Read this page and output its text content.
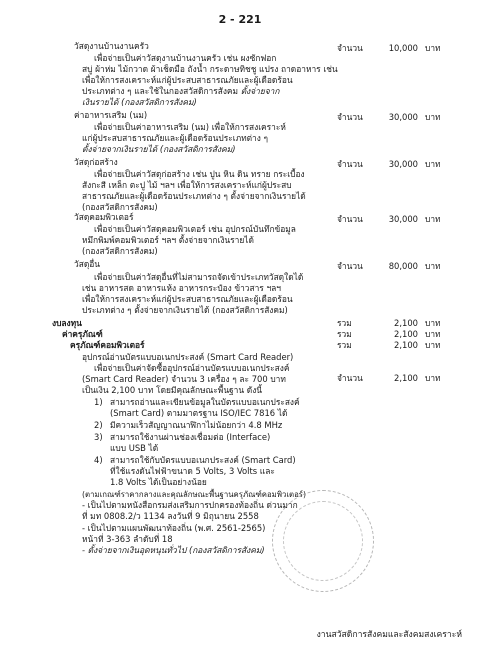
2 - 221
วัสดุงานบ้านงานครัว	จำนวน	10,000 บาท
เพื่อจ่ายเป็นค่าวัสดุงานบ้านงานครัว เช่น ผงซักฟอก
สบู่ ผ้าห่ม ไม้กวาด ผ้าเช็ดมือ ถังน้ำ กระดาษทิชชู แปรง ถาดอาหาร เช่น
เพื่อให้การสงเคราะห์แก่ผู้ประสบสาธารณภัยและผู้เดือดร้อน
ประเภทต่าง ๆ และใช้ในกองสวัสดิการสังคม ตั้งจ่ายจาก
เงินรายได้ (กองสวัสดิการสังคม)
ค่าอาหารเสริม (นม)	จำนวน	30,000 บาท
เพื่อจ่ายเป็นค่าอาหารเสริม (นม) เพื่อให้การสงเคราะห์
แก่ผู้ประสบสาธารณภัยและผู้เดือดร้อนประเภทต่าง ๆ
ตั้งจ่ายจากเงินรายได้ (กองสวัสดิการสังคม)
วัสดุก่อสร้าง	จำนวน	30,000 บาท
เพื่อจ่ายเป็นค่าวัสดุก่อสร้าง เช่น ปูน หิน ดิน ทราย กระเบื้อง
สังกะสี เหล็ก ตะปู ไม้ ฯลฯ เพื่อให้การสงเคราะห์แก่ผู้ประสบ
สาธารณภัยและผู้เดือดร้อนประเภทต่าง ๆ ตั้งจ่ายจากเงินรายได้
(กองสวัสดิการสังคม)
วัสดุคอมพิวเตอร์	จำนวน	30,000 บาท
เพื่อจ่ายเป็นค่าวัสดุคอมพิวเตอร์ เช่น อุปกรณ์บันทึกข้อมูล
หมึกพิมพ์คอมพิวเตอร์ ฯลฯ ตั้งจ่ายจากเงินรายได้
(กองสวัสดิการสังคม)
วัสดุอื่น	จำนวน	80,000 บาท
เพื่อจ่ายเป็นค่าวัสดุอื่นที่ไม่สามารถจัดเข้าประเภทวัสดุใดได้
เช่น อาหารสด อาหารแห้ง อาหารกระป๋อง ข้าวสาร ฯลฯ
เพื่อให้การสงเคราะห์แก่ผู้ประสบสาธารณภัยและผู้เดือดร้อน
ประเภทต่าง ๆ ตั้งจ่ายจากเงินรายได้ (กองสวัสดิการสังคม)
งบลงทุน	รวม	2,100 บาท
ค่าครุภัณฑ์	รวม	2,100 บาท
ครุภัณฑ์คอมพิวเตอร์	รวม	2,100 บาท
อุปกรณ์อ่านบัตรแบบอเนกประสงค์ (Smart Card Reader)
จำนวน	2,100 บาท
เพื่อจ่ายเป็นค่าจัดซื้ออุปกรณ์อ่านบัตรแบบอเนกประสงค์
(Smart Card Reader) จำนวน 3 เครื่อง ๆ ละ 700 บาท
เป็นเงิน 2,100 บาท โดยมีคุณลักษณะพื้นฐาน ดังนี้
1) สามารถอ่านและเขียนข้อมูลในบัตรแบบอเนกประสงค์
(Smart Card) ตามมาตรฐาน ISO/IEC 7816 ได้
2) มีความเร็วสัญญาณนาฬิกาไม่น้อยกว่า 4.8 MHz
3) สามารถใช้งานผ่านช่องเชื่อมต่อ (Interface)
แบบ USB ได้
4) สามารถใช้กับบัตรแบบอเนกประสงค์ (Smart Card)
ที่ใช้แรงดันไฟฟ้าขนาด 5 Volts, 3 Volts และ
1.8 Volts ได้เป็นอย่างน้อย
(ตามเกณฑ์ราคากลางและคุณลักษณะพื้นฐานครุภัณฑ์คอมพิวเตอร์)
- เป็นไปตามหนังสือกรมส่งเสริมการปกครองท้องถิ่น ด่วนมาก
ที่ มท 0808.2/ว 1134 ลงวันที่ 9 มิถุนายน 2558
- เป็นไปตามแผนพัฒนาท้องถิ่น (พ.ศ. 2561-2565)
หน้าที่ 3-363 ลำดับที่ 18
- ตั้งจ่ายจากเงินอุดหนุนทั่วไป (กองสวัสดิการสังคม)
งานสวัสดิการสังคมและสังคมสงเคราะห์
